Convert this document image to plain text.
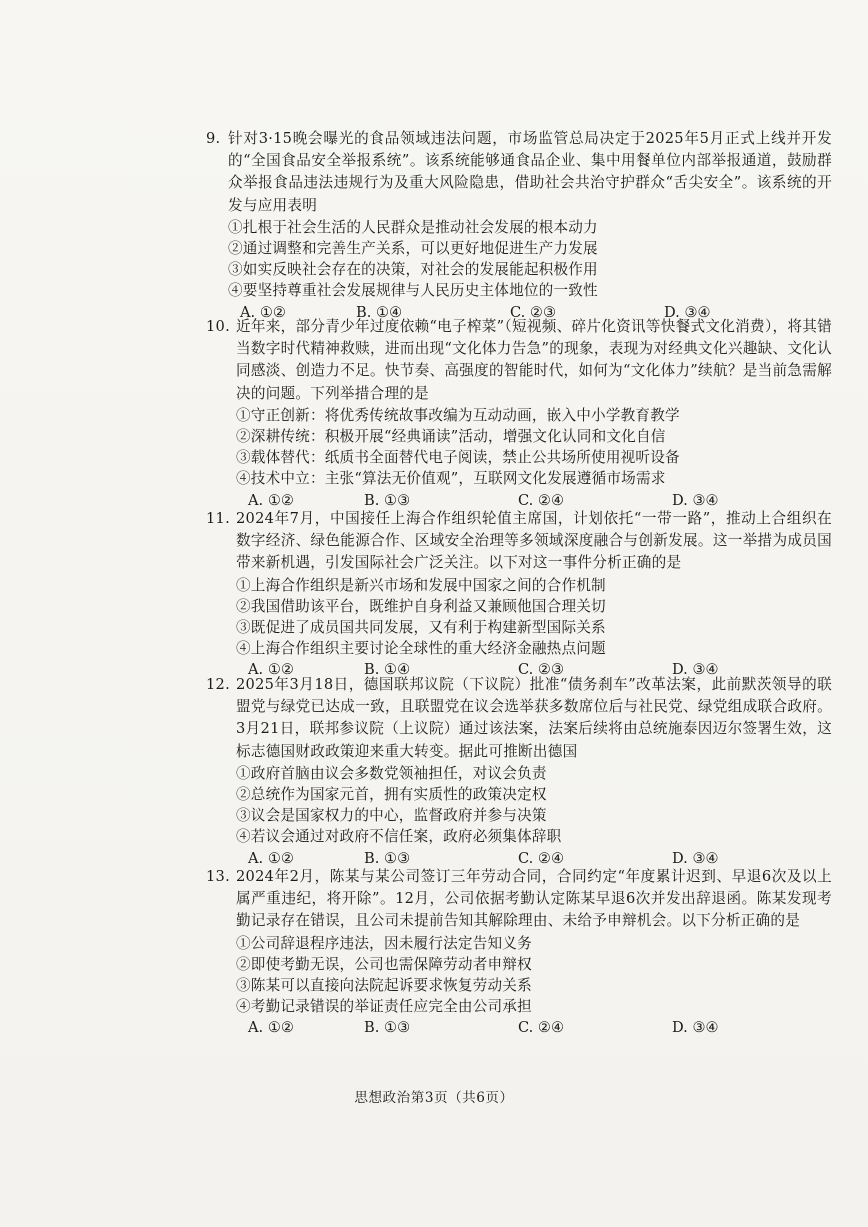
9. 针对3·15晚会曝光的食品领域违法问题，市场监管总局决定于2025年5月正式上线并开发的“全国食品安全举报系统”。该系统能够通食品企业、集中用餐单位内部举报通道，鼓励群众举报食品违法违规行为及重大风险隐患，借助社会共治守护群众“舌尖安全”。该系统的开发与应用表明
①扎根于社会生活的人民群众是推动社会发展的根本动力
②通过调整和完善生产关系，可以更好地促进生产力发展
③如实反映社会存在的决策，对社会的发展能起积极作用
④要坚持尊重社会发展规律与人民历史主体地位的一致性
A. ①②	B. ①④	C. ②③	D. ③④
10. 近年来，部分青少年过度依赖“电子榨菜”（短视频、碎片化资讯等快餐式文化消费），将其错当数字时代精神救赎，进而出现“文化体力告急”的现象，表现为对经典文化兴趣缺、文化认同感淡、创造力不足。快节奏、高强度的智能时代，如何为“文化体力”续航？是当前急需解决的问题。下列举措合理的是
①守正创新：将优秀传统故事改编为互动动画，嵌入中小学教育教学
②深耕传统：积极开展“经典诵读”活动，增强文化认同和文化自信
③载体替代：纸质书全面替代电子阅读，禁止公共场所使用视听设备
④技术中立：主张“算法无价值观”，互联网文化发展遵循市场需求
A. ①②	B. ①③	C. ②④	D. ③④
11. 2024年7月，中国接任上海合作组织轮值主席国，计划依托“一带一路”，推动上合组织在数字经济、绿色能源合作、区域安全治理等多领域深度融合与创新发展。这一举措为成员国带来新机遇，引发国际社会广泛关注。以下对这一事件分析正确的是
①上海合作组织是新兴市场和发展中国家之间的合作机制
②我国借助该平台，既维护自身利益又兼顾他国合理关切
③既促进了成员国共同发展，又有利于构建新型国际关系
④上海合作组织主要讨论全球性的重大经济金融热点问题
A. ①②	B. ①④	C. ②③	D. ③④
12. 2025年3月18日，德国联邦议院（下议院）批准“债务刹车”改革法案，此前默茨领导的联盟党与绿党已达成一致，且联盟党在议会选举获多数席位后与社民党、绿党组成联合政府。3月21日，联邦参议院（上议院）通过该法案，法案后续将由总统施泰因迈尔签署生效，这标志德国财政政策迎来重大转变。据此可推断出德国
①政府首脑由议会多数党领袖担任，对议会负责
②总统作为国家元首，拥有实质性的政策决定权
③议会是国家权力的中心，监督政府并参与决策
④若议会通过对政府不信任案，政府必须集体辞职
A. ①②	B. ①③	C. ②④	D. ③④
13. 2024年2月，陈某与某公司签订三年劳动合同，合同约定“年度累计迟到、早退6次及以上属严重违纪，将开除”。12月，公司依据考勤认定陈某早退6次并发出辞退函。陈某发现考勤记录存在错误，且公司未提前告知其解除理由、未给予申辩机会。以下分析正确的是
①公司辞退程序违法，因未履行法定告知义务
②即使考勤无误，公司也需保障劳动者申辩权
③陈某可以直接向法院起诉要求恢复劳动关系
④考勤记录错误的举证责任应完全由公司承担
A. ①②	B. ①③	C. ②④	D. ③④
思想政治第3页（共6页）
